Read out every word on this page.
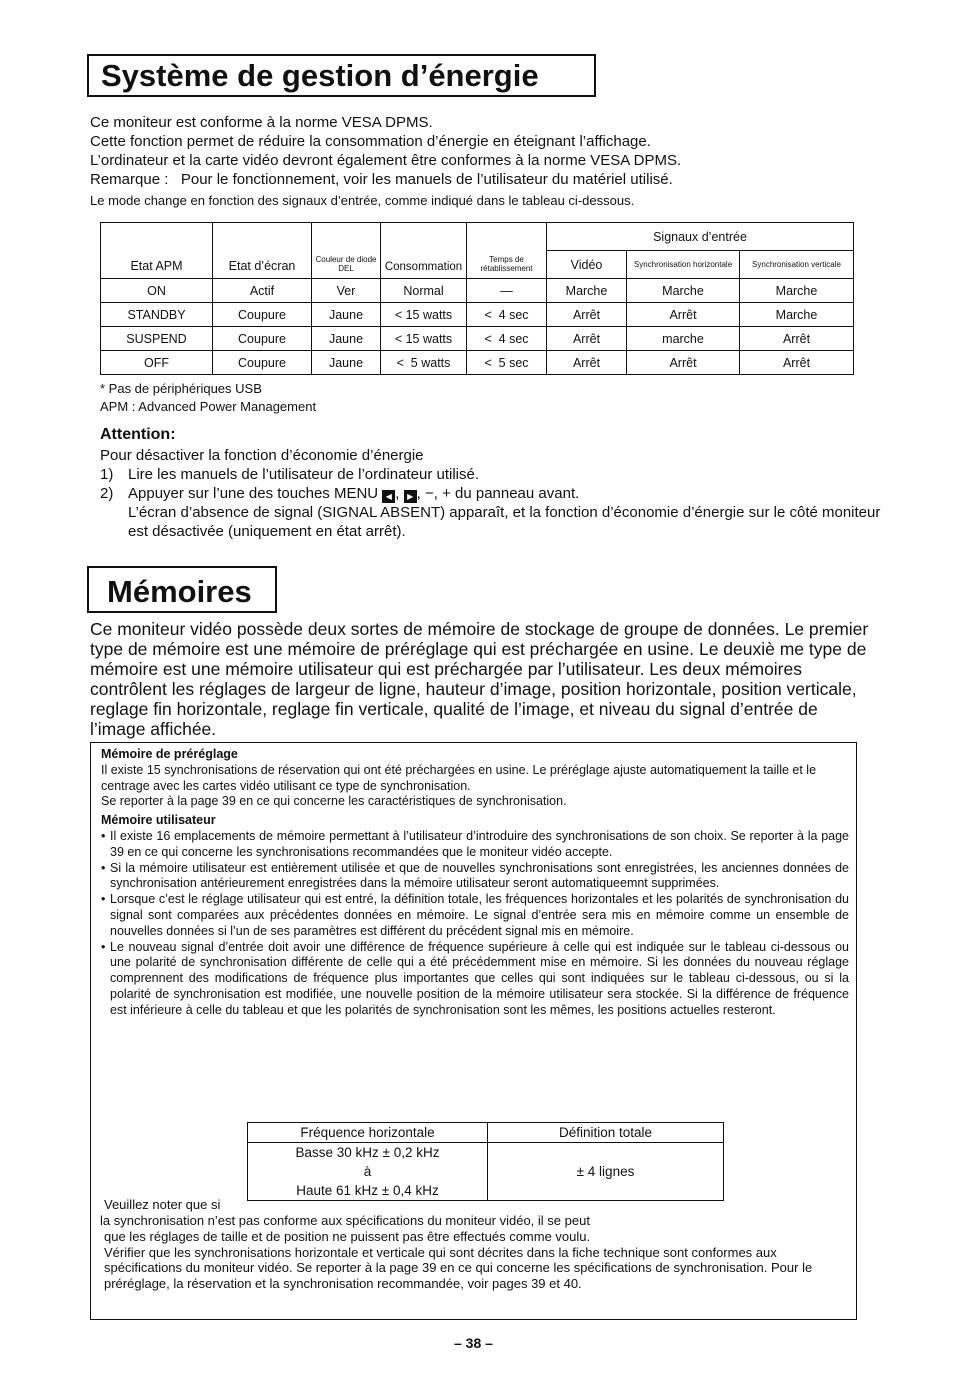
Système de gestion d’énergie
Ce moniteur est conforme à la norme VESA DPMS.
Cette fonction permet de réduire la consommation d’énergie en éteignant l’affichage.
L’ordinateur et la carte vidéo devront également être conformes à la norme VESA DPMS.
Remarque :   Pour le fonctionnement, voir les manuels de l’utilisateur du matériel utilisé.
Le mode change en fonction des signaux d’entrée, comme indiqué dans le tableau ci-dessous.
Etat APM	Etat d’écran	Couleur de diode DEL	Consommation	Temps de rétablissement	Signaux d’entrée		
					Vidéo	Synchronisation horizontale	Synchronisation verticale
ON	Actif	Ver	Normal	—	Marche	Marche	Marche
STANDBY	Coupure	Jaune	< 15 watts	<  4 sec	Arrêt	Arrêt	Marche
SUSPEND	Coupure	Jaune	< 15 watts	<  4 sec	Arrêt	marche	Arrêt
OFF	Coupure	Jaune	<  5 watts	<  5 sec	Arrêt	Arrêt	Arrêt
* Pas de périphériques USB
APM : Advanced Power Management
Attention:
Pour désactiver la fonction d’économie d’énergie
1) Lire les manuels de l’utilisateur de l’ordinateur utilisé.
2) Appuyer sur l’une des touches MENU ◀ , ▶ , −, + du panneau avant.
L’écran d’absence de signal (SIGNAL ABSENT) apparaît, et la fonction d’économie d’énergie sur le côté moniteur est désactivée (uniquement en état arrêt).
Mémoires
Ce moniteur vidéo possède deux sortes de mémoire de stockage de groupe de données. Le premier type de mémoire est une mémoire de préréglage qui est préchargée en usine. Le deuxiè me type de mémoire est une mémoire utilisateur qui est préchargée par l’utilisateur. Les deux mémoires contrôlent les réglages de largeur de ligne, hauteur d’image, position horizontale, position verticale, reglage fin horizontale, reglage fin verticale, qualité de l’image, et niveau du signal d’entrée de l’image affichée.
Mémoire de préréglage

Il existe 15 synchronisations de réservation qui ont été préchargées en usine. Le préréglage ajuste automatiquement la taille et le centrage avec les cartes vidéo utilisant ce type de synchronisation.

Se reporter à la page 39 en ce qui concerne les caractéristiques de synchronisation.

Mémoire utilisateur
• Il existe 16 emplacements de mémoire permettant à l’utilisateur d’introduire des synchronisations de son choix. Se reporter à la page 39 en ce qui concerne les synchronisations recommandées que le moniteur vidéo accepte.
• Si la mémoire utilisateur est entièrement utilisée et que de nouvelles synchronisations sont enregistrées, les anciennes données de synchronisation antérieurement enregistrées dans la mémoire utilisateur seront automatiqueemnt supprimées.
• Lorsque c’est le réglage utilisateur qui est entré, la définition totale, les fréquences horizontales et les polarités de synchronisation du signal sont comparées aux précédentes données en mémoire. Le signal d’entrée sera mis en mémoire comme un ensemble de nouvelles données si l’un de ses paramètres est différent du précédent signal mis en mémoire.
• Le nouveau signal d’entrée doit avoir une différence de fréquence supérieure à celle qui est indiquée sur le tableau ci-dessous ou une polarité de synchronisation différente de celle qui a été précédemment mise en mémoire. Si les données du nouveau réglage comprennent des modifications de fréquence plus importantes que celles qui sont indiquées sur le tableau ci-dessous, ou si la polarité de synchronisation est modifiée, une nouvelle position de la mémoire utilisateur sera stockée. Si la différence de fréquence est inférieure à celle du tableau et que les polarités de synchronisation sont les mêmes, les positions actuelles resteront.
Fréquence horizontale	Définition totale

Basse 30 kHz ± 0,2 kHz
à
Haute 61 kHz ± 0,4 kHz	± 4 lignes
Veuillez noter que si
la synchronisation n’est pas conforme aux spécifications du moniteur vidéo, il se peut
que les réglages de taille et de position ne puissent pas être effectués comme voulu.
Vérifier que les synchronisations horizontale et verticale qui sont décrites dans la fiche technique sont conformes aux spécifications du moniteur vidéo. Se reporter à la page 39 en ce qui concerne les spécifications de synchronisation. Pour le préréglage, la réservation et la synchronisation recommandée, voir pages 39 et 40.
– 38 –
